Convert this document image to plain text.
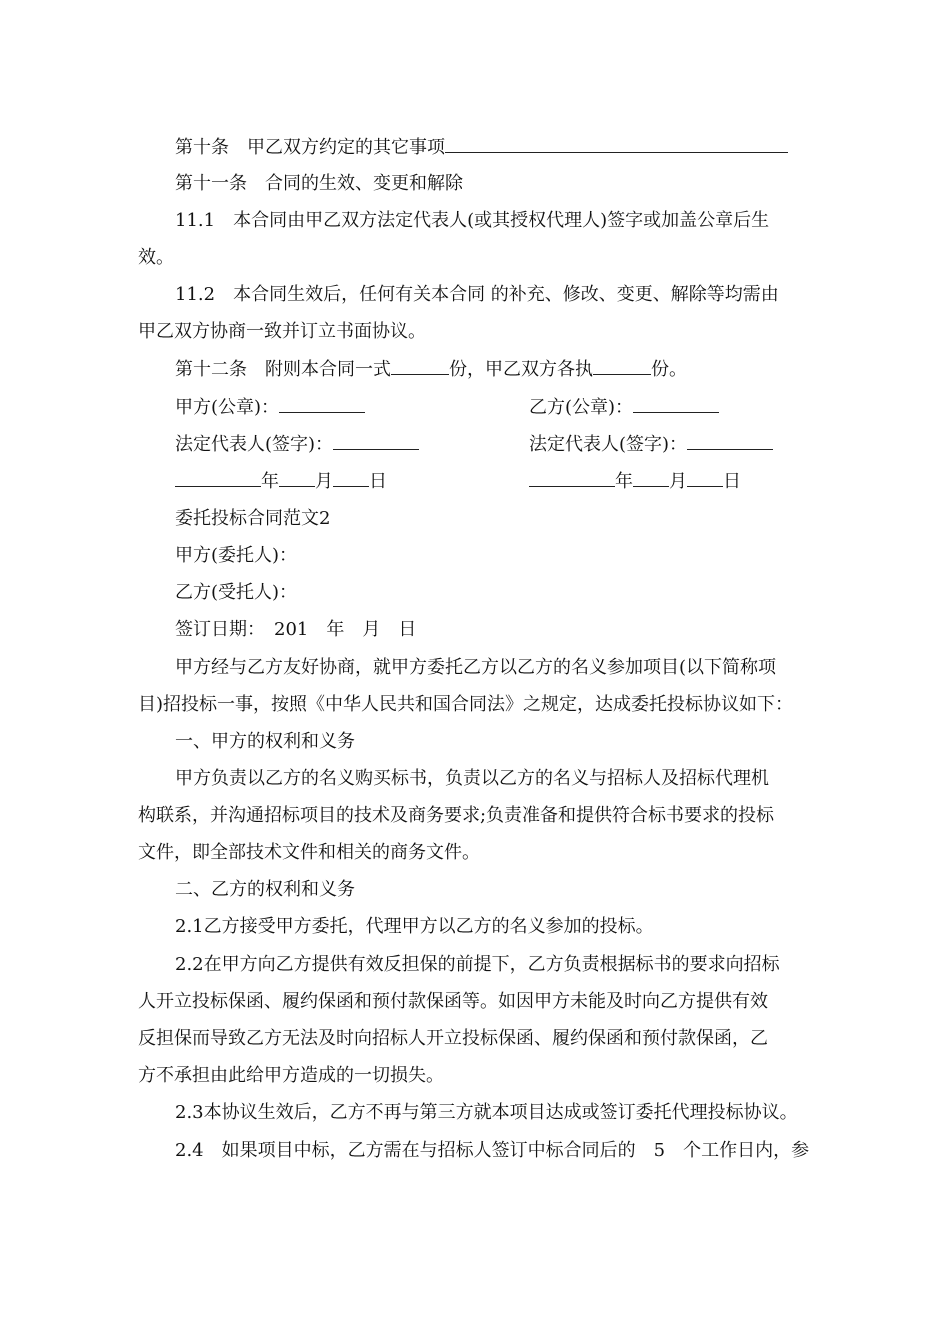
第十条　甲乙双方约定的其它事项
第十一条　合同的生效、变更和解除
11.1　本合同由甲乙双方法定代表人(或其授权代理人)签字或加盖公章后生
效。
11.2　本合同生效后，任何有关本合同 的补充、修改、变更、解除等均需由
甲乙双方协商一致并订立书面协议。
第十二条　附则本合同一式	份，甲乙双方各执	份。
甲方(公章)：	乙方(公章)：
法定代表人(签字)：	法定代表人(签字)：
年 月 日	年 月 日
委托投标合同范文2
甲方(委托人)：
乙方(受托人)：
签订日期：　201　年　月　日
甲方经与乙方友好协商，就甲方委托乙方以乙方的名义参加项目(以下简称项
目)招投标一事，按照《中华人民共和国合同法》之规定，达成委托投标协议如下：
一、甲方的权利和义务
甲方负责以乙方的名义购买标书，负责以乙方的名义与招标人及招标代理机
构联系，并沟通招标项目的技术及商务要求;负责准备和提供符合标书要求的投标
文件，即全部技术文件和相关的商务文件。
二、乙方的权利和义务
2.1乙方接受甲方委托，代理甲方以乙方的名义参加的投标。
2.2在甲方向乙方提供有效反担保的前提下，乙方负责根据标书的要求向招标
人开立投标保函、履约保函和预付款保函等。如因甲方未能及时向乙方提供有效
反担保而导致乙方无法及时向招标人开立投标保函、履约保函和预付款保函，乙
方不承担由此给甲方造成的一切损失。
2.3本协议生效后，乙方不再与第三方就本项目达成或签订委托代理投标协议。
2.4　如果项目中标，乙方需在与招标人签订中标合同后的　5　个工作日内，参
